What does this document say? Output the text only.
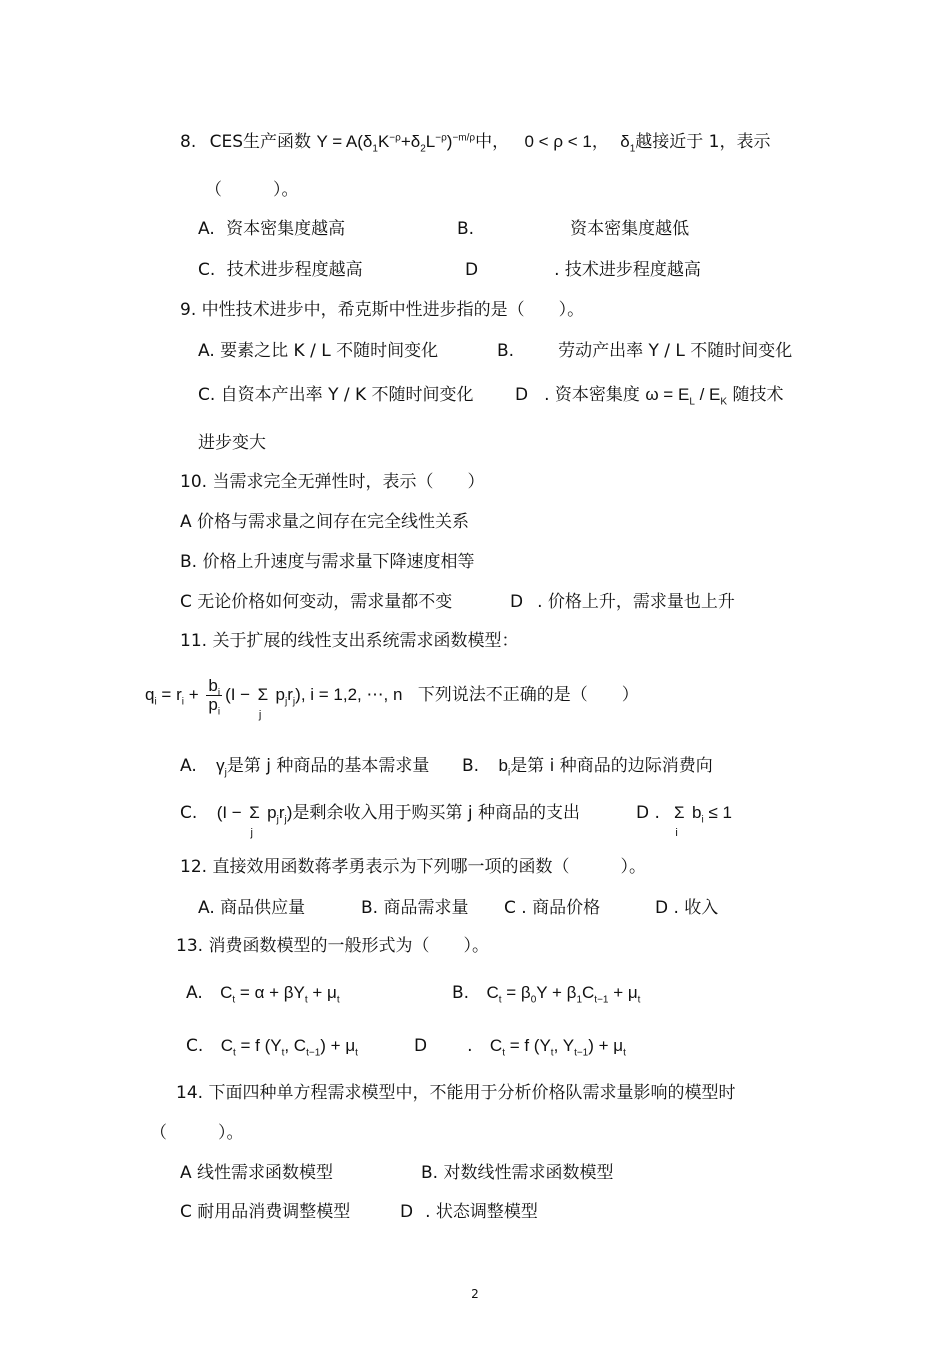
8. CES生产函数 $Y = A(\delta_1K^{-\rho}+\delta_2L^{-\rho})^{-m/\rho}$中， 0 < ρ < 1， $\delta_1$越接近于 1，表示
（　　　）。
A. 资本密集度越高	B.	资本密集度越低
C. 技术进步程度越高	D	. 技术进步程度越高
9. 中性技术进步中，希克斯中性进步指的是（　　）。
A. 要素之比 K / L 不随时间变化	B.	劳动产出率 Y / L 不随时间变化
C. 自资本产出率 Y / K 不随时间变化 D . 资本密集度 $\omega = E_L / E_K$ 随技术
进步变大
10. 当需求完全无弹性时，表示（　　）
A 价格与需求量之间存在完全线性关系
B. 价格上升速度与需求量下降速度相等
C 无论价格如何变动，需求量都不变	D . 价格上升，需求量也上升
11. 关于扩展的线性支出系统需求函数模型：
$q_i = r_i + \frac{b_i}{p_i} (I - \Sigma$
j
$p_jr_j$), i = 1,2, ⋯, n 下列说法不正确的是（　　）
A. $\gamma_j$是第 j 种商品的基本需求量 B. $b_i$是第 i 种商品的边际消费向
C. (I − Σ
j
$p_jr_j$)是剩余收入用于购买第 j 种商品的支出	D . Σ
i
$b_i \le 1$
12. 直接效用函数蒋孝勇表示为下列哪一项的函数（　　　）。
A. 商品供应量	B. 商品需求量 C . 商品价格	D . 收入
13. 消费函数模型的一般形式为（　　）。
A. $C_t = \alpha + \beta Y_t + \mu_t$	B. $C_t = \beta_0Y + \beta_1C_{t-1} + \mu_t$
C. $C_t = f$ ($Y_t$, $C_{t-1}) + \mu_t$	D . $C_t = f$ ($Y_t$, $Y_{t-1}) + \mu_t$
14. 下面四种单方程需求模型中，不能用于分析价格队需求量影响的模型时
（　　　）。
A 线性需求函数模型	B. 对数线性需求函数模型
C 耐用品消费调整模型	D . 状态调整模型
2
